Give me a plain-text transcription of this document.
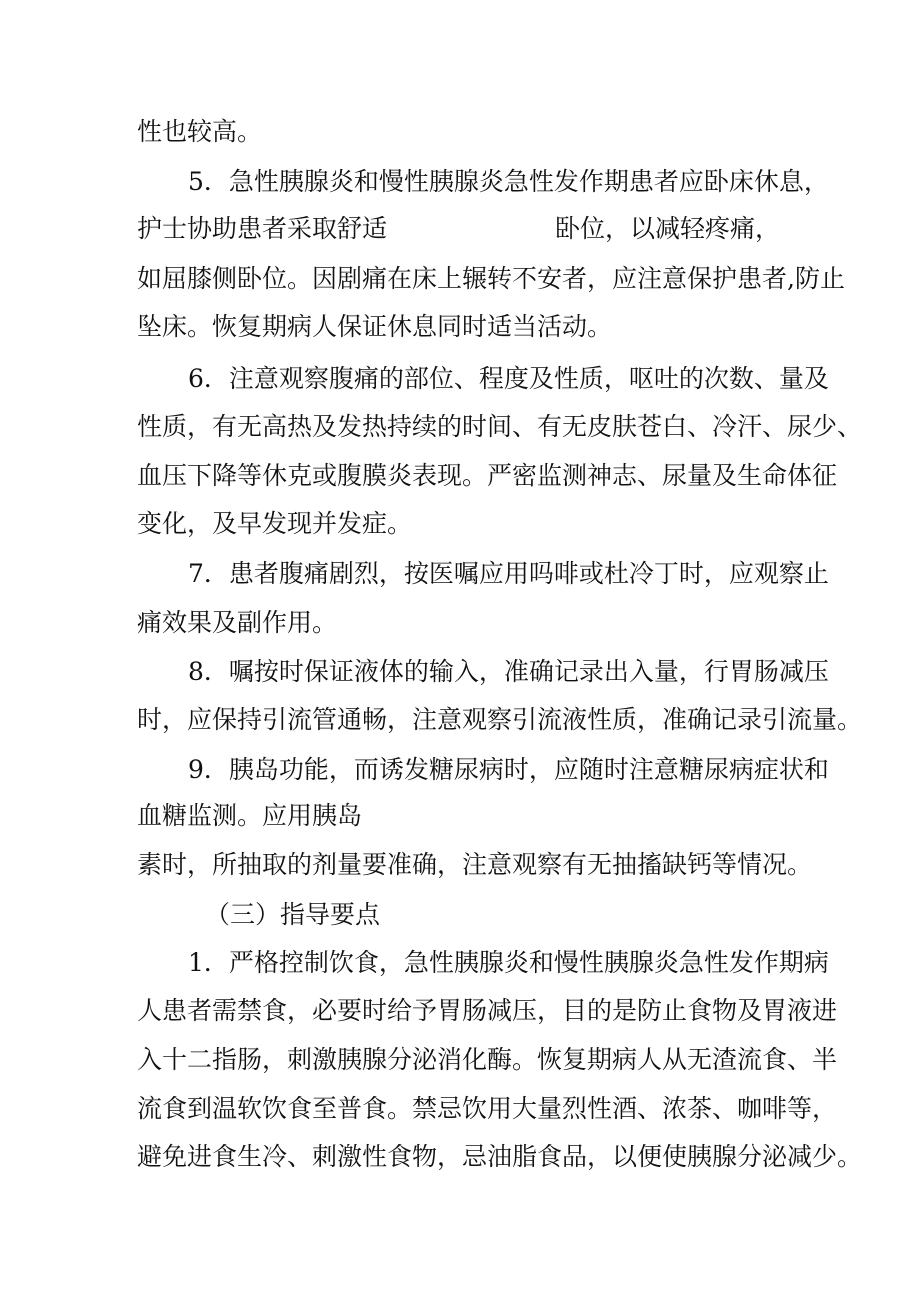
性也较高。
5．急性胰腺炎和慢性胰腺炎急性发作期患者应卧床休息，
护士协助患者采取舒适	卧位，以减轻疼痛，
如屈膝侧卧位。因剧痛在床上辗转不安者，应注意保护患者,防止
坠床。恢复期病人保证休息同时适当活动。
6．注意观察腹痛的部位、程度及性质，呕吐的次数、量及
性质，有无高热及发热持续的时间、有无皮肤苍白、冷汗、尿少、
血压下降等休克或腹膜炎表现。严密监测神志、尿量及生命体征
变化，及早发现并发症。
7．患者腹痛剧烈，按医嘱应用吗啡或杜冷丁时，应观察止
痛效果及副作用。
8．嘱按时保证液体的输入，准确记录出入量，行胃肠减压
时，应保持引流管通畅，注意观察引流液性质，准确记录引流量。
9．胰岛功能，而诱发糖尿病时，应随时注意糖尿病症状和
血糖监测。应用胰岛
素时，所抽取的剂量要准确，注意观察有无抽搐缺钙等情况。
（三）指导要点
1．严格控制饮食，急性胰腺炎和慢性胰腺炎急性发作期病
人患者需禁食，必要时给予胃肠减压，目的是防止食物及胃液进
入十二指肠，刺激胰腺分泌消化酶。恢复期病人从无渣流食、半
流食到温软饮食至普食。禁忌饮用大量烈性酒、浓茶、咖啡等，
避免进食生冷、刺激性食物，忌油脂食品，以便使胰腺分泌减少。
